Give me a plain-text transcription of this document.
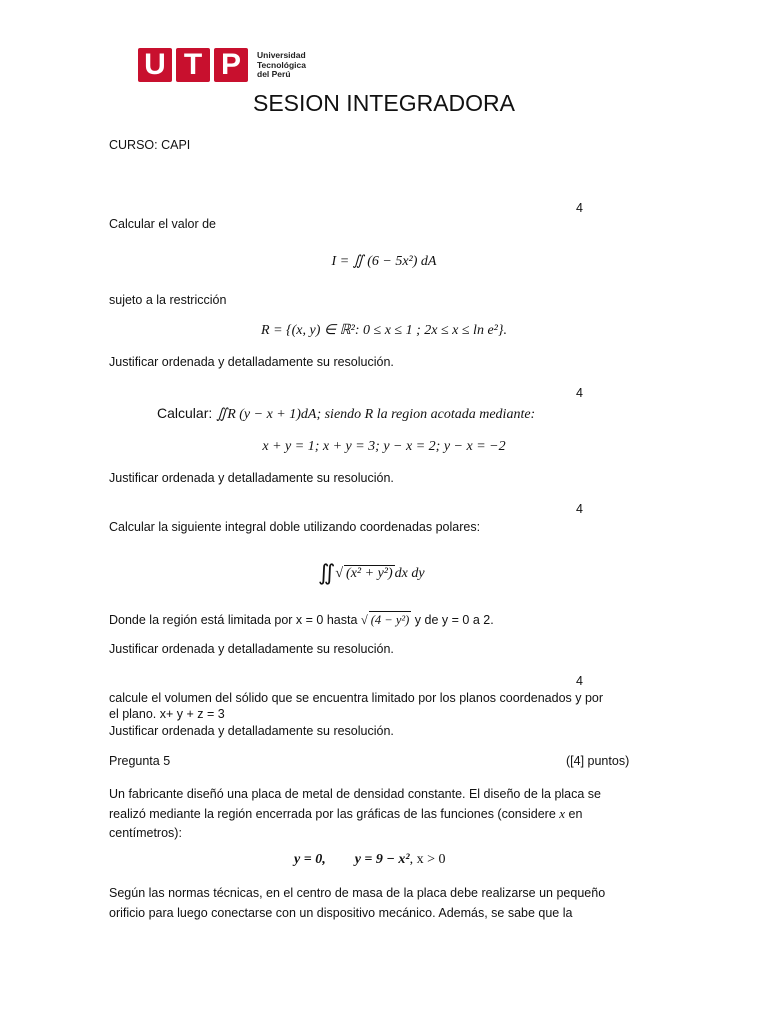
U T P	Universidad
Tecnológica
del Perú
SESION INTEGRADORA
CURSO: CAPI
4
Calcular el valor de
I = ∬ (6 − 5x²) dA
sujeto a la restricción
R = {(x, y) ∈ ℝ²: 0 ≤ x ≤ 1 ; 2x ≤ x ≤ ln e²}.
Justificar ordenada y detalladamente su resolución.
4
Calcular: ∬R (y − x + 1)dA; siendo R la region acotada mediante:
x + y = 1; x + y = 3; y − x = 2; y − x = −2
Justificar ordenada y detalladamente su resolución.
4
Calcular la siguiente integral doble utilizando coordenadas polares:
∬ √ (x² + y²) dx dy
Donde la región está limitada por x = 0 hasta √ (4 − y²) y de y = 0 a 2.
Justificar ordenada y detalladamente su resolución.
4
calcule el volumen del sólido que se encuentra limitado por los planos coordenados y por
el plano. x+ y + z = 3
Justificar ordenada y detalladamente su resolución.
Pregunta 5	([4] puntos)
Un fabricante diseñó una placa de metal de densidad constante. El diseño de la placa se
realizó mediante la región encerrada por las gráficas de las funciones (considere x en
centímetros):
y = 0, y = 9 − x², x > 0
Según las normas técnicas, en el centro de masa de la placa debe realizarse un pequeño
orificio para luego conectarse con un dispositivo mecánico. Además, se sabe que la
